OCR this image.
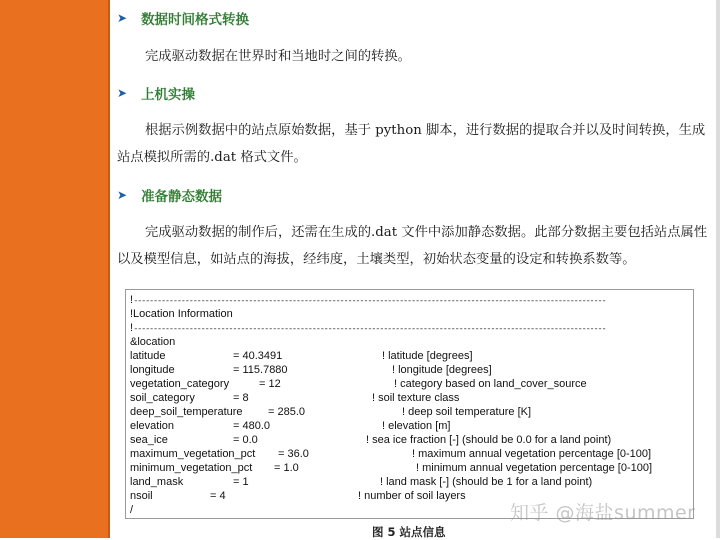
➤ 数据时间格式转换

完成驱动数据在世界时和当地时之间的转换。

➤ 上机实操

根据示例数据中的站点原始数据，基于 python 脚本，进行数据的提取合并以及时间转换，生成站点模拟所需的.dat 格式文件。

➤ 准备静态数据

完成驱动数据的制作后，还需在生成的.dat 文件中添加静态数据。此部分数据主要包括站点属性以及模型信息，如站点的海拔，经纬度，土壤类型，初始状态变量的设定和转换系数等。

!-----------------------------------------------------------------------------------------------------------------------
!Location Information
!-----------------------------------------------------------------------------------------------------------------------
&location
latitude	= 40.3491	! latitude [degrees]
longitude	= 115.7880	! longitude [degrees]
vegetation_category	= 12	! category based on land_cover_source
soil_category	= 8	! soil texture class
deep_soil_temperature = 285.0	! deep soil temperature [K]
elevation	= 480.0	! elevation [m]
sea_ice	= 0.0	! sea ice fraction [-] (should be 0.0 for a land point)
maximum_vegetation_pct = 36.0	! maximum annual vegetation percentage [0-100]
minimum_vegetation_pct = 1.0	! minimum annual vegetation percentage [0-100]
land_mask	= 1	! land mask [-] (should be 1 for a land point)
nsoil	= 4	! number of soil layers
/	知乎 @海盐summer
图 5 站点信息
